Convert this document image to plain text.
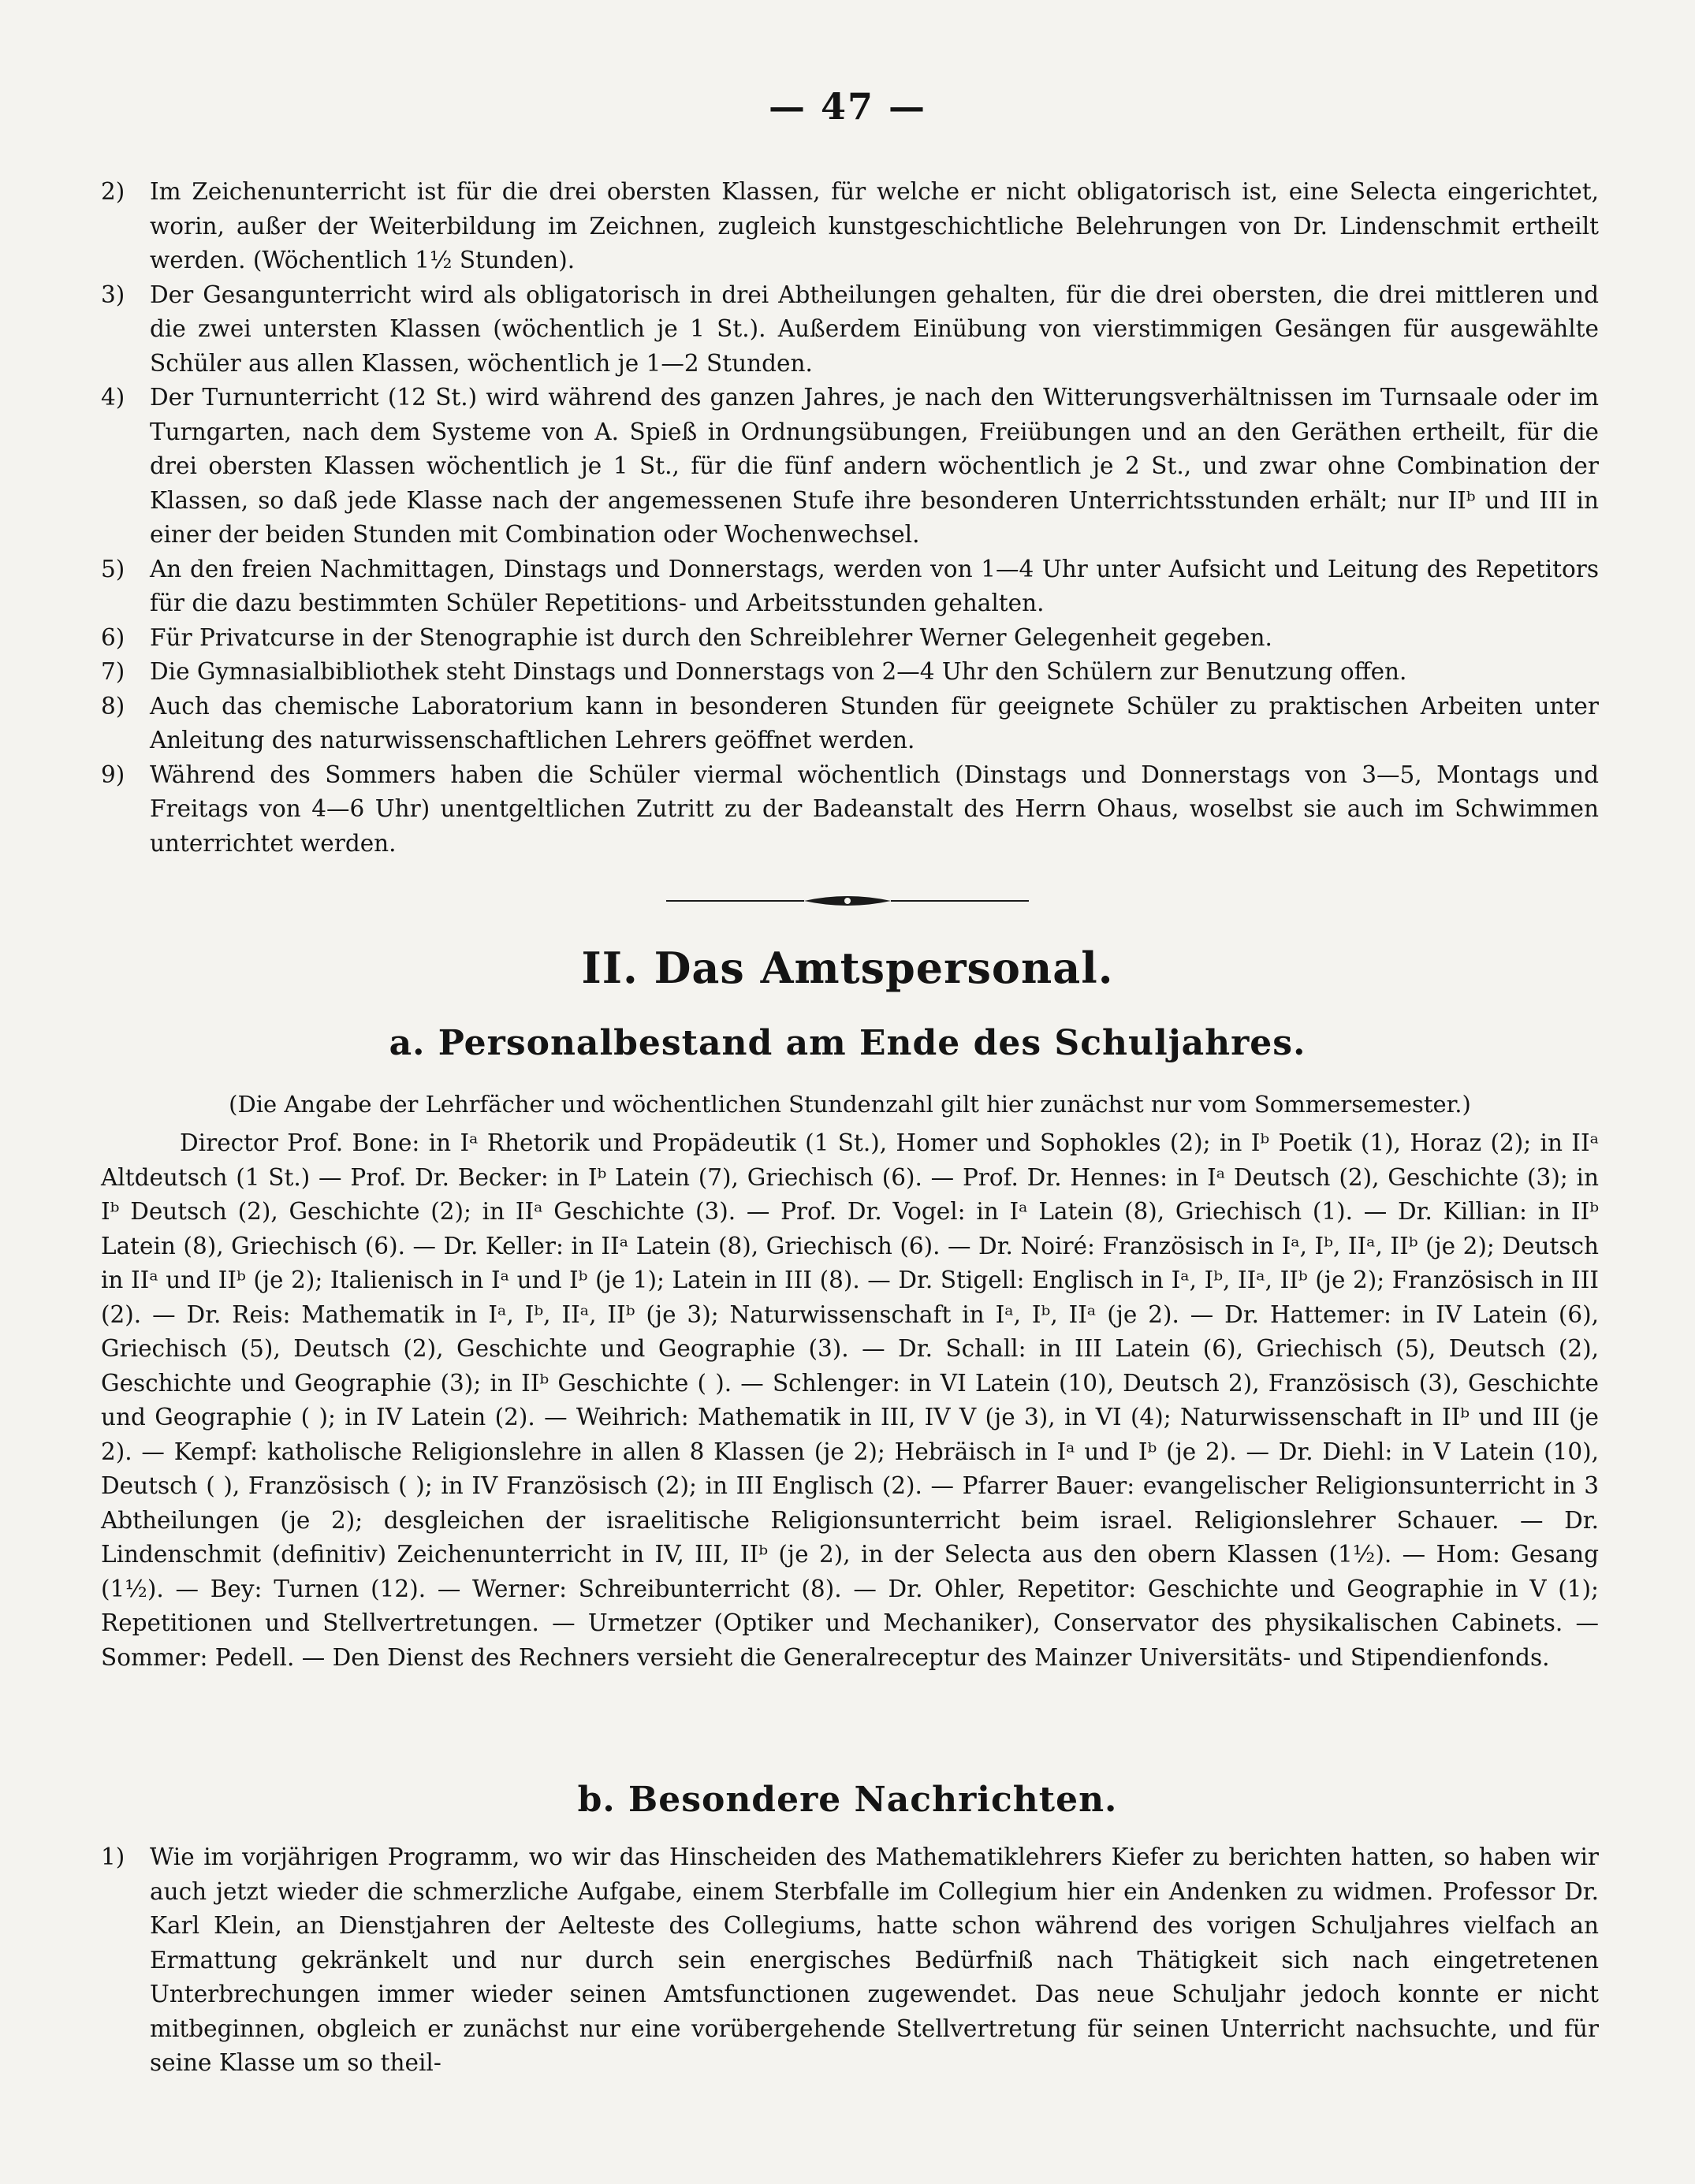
— 47 —
2) Im Zeichenunterricht ist für die drei obersten Klassen, für welche er nicht obligatorisch ist, eine Selecta eingerichtet, worin, außer der Weiterbildung im Zeichnen, zugleich kunstgeschichtliche Belehrungen von Dr. Lindenschmit ertheilt werden. (Wöchentlich 1½ Stunden).
3) Der Gesangunterricht wird als obligatorisch in drei Abtheilungen gehalten, für die drei obersten, die drei mittleren und die zwei untersten Klassen (wöchentlich je 1 St.). Außerdem Einübung von vierstimmigen Gesängen für ausgewählte Schüler aus allen Klassen, wöchentlich je 1—2 Stunden.
4) Der Turnunterricht (12 St.) wird während des ganzen Jahres, je nach den Witterungsverhältnissen im Turnsaale oder im Turngarten, nach dem Systeme von A. Spieß in Ordnungsübungen, Freiübungen und an den Geräthen ertheilt, für die drei obersten Klassen wöchentlich je 1 St., für die fünf andern wöchentlich je 2 St., und zwar ohne Combination der Klassen, so daß jede Klasse nach der angemessenen Stufe ihre besonderen Unterrichtsstunden erhält; nur IIᵇ und III in einer der beiden Stunden mit Combination oder Wochenwechsel.
5) An den freien Nachmittagen, Dinstags und Donnerstags, werden von 1—4 Uhr unter Aufsicht und Leitung des Repetitors für die dazu bestimmten Schüler Repetitions- und Arbeitsstunden gehalten.
6) Für Privatcurse in der Stenographie ist durch den Schreiblehrer Werner Gelegenheit gegeben.
7) Die Gymnasialbibliothek steht Dinstags und Donnerstags von 2—4 Uhr den Schülern zur Benutzung offen.
8) Auch das chemische Laboratorium kann in besonderen Stunden für geeignete Schüler zu praktischen Arbeiten unter Anleitung des naturwissenschaftlichen Lehrers geöffnet werden.
9) Während des Sommers haben die Schüler viermal wöchentlich (Dinstags und Donnerstags von 3—5, Montags und Freitags von 4—6 Uhr) unentgeltlichen Zutritt zu der Badeanstalt des Herrn Ohaus, woselbst sie auch im Schwimmen unterrichtet werden.
II. Das Amtspersonal.
a. Personalbestand am Ende des Schuljahres.
(Die Angabe der Lehrfächer und wöchentlichen Stundenzahl gilt hier zunächst nur vom Sommersemester.)
Director Prof. Bone: in Iᵃ Rhetorik und Propädeutik (1 St.), Homer und Sophokles (2); in Iᵇ Poetik (1), Horaz (2); in IIᵃ Altdeutsch (1 St.) — Prof. Dr. Becker: in Iᵇ Latein (7), Griechisch (6). — Prof. Dr. Hennes: in Iᵃ Deutsch (2), Geschichte (3); in Iᵇ Deutsch (2), Geschichte (2); in IIᵃ Geschichte (3). — Prof. Dr. Vogel: in Iᵃ Latein (8), Griechisch (1). — Dr. Killian: in IIᵇ Latein (8), Griechisch (6). — Dr. Keller: in IIᵃ Latein (8), Griechisch (6). — Dr. Noiré: Französisch in Iᵃ, Iᵇ, IIᵃ, IIᵇ (je 2); Deutsch in IIᵃ und IIᵇ (je 2); Italienisch in Iᵃ und Iᵇ (je 1); Latein in III (8). — Dr. Stigell: Englisch in Iᵃ, Iᵇ, IIᵃ, IIᵇ (je 2); Französisch in III (2). — Dr. Reis: Mathematik in Iᵃ, Iᵇ, IIᵃ, IIᵇ (je 3); Naturwissenschaft in Iᵃ, Iᵇ, IIᵃ (je 2). — Dr. Hattemer: in IV Latein (6), Griechisch (5), Deutsch (2), Geschichte und Geographie (3). — Dr. Schall: in III Latein (6), Griechisch (5), Deutsch (2), Geschichte und Geographie (3); in IIᵇ Geschichte ( ). — Schlenger: in VI Latein (10), Deutsch 2), Französisch (3), Geschichte und Geographie ( ); in IV Latein (2). — Weihrich: Mathematik in III, IV V (je 3), in VI (4); Naturwissenschaft in IIᵇ und III (je 2). — Kempf: katholische Religionslehre in allen 8 Klassen (je 2); Hebräisch in Iᵃ und Iᵇ (je 2). — Dr. Diehl: in V Latein (10), Deutsch ( ), Französisch ( ); in IV Französisch (2); in III Englisch (2). — Pfarrer Bauer: evangelischer Religionsunterricht in 3 Abtheilungen (je 2); desgleichen der israelitische Religionsunterricht beim israel. Religionslehrer Schauer. — Dr. Lindenschmit (definitiv) Zeichenunterricht in IV, III, IIᵇ (je 2), in der Selecta aus den obern Klassen (1½). — Hom: Gesang (1½). — Bey: Turnen (12). — Werner: Schreibunterricht (8). — Dr. Ohler, Repetitor: Geschichte und Geographie in V (1); Repetitionen und Stellvertretungen. — Urmetzer (Optiker und Mechaniker), Conservator des physikalischen Cabinets. — Sommer: Pedell. — Den Dienst des Rechners versieht die Generalreceptur des Mainzer Universitäts- und Stipendienfonds.
b. Besondere Nachrichten.
1) Wie im vorjährigen Programm, wo wir das Hinscheiden des Mathematiklehrers Kiefer zu berichten hatten, so haben wir auch jetzt wieder die schmerzliche Aufgabe, einem Sterbfalle im Collegium hier ein Andenken zu widmen. Professor Dr. Karl Klein, an Dienstjahren der Aelteste des Collegiums, hatte schon während des vorigen Schuljahres vielfach an Ermattung gekränkelt und nur durch sein energisches Bedürfniß nach Thätigkeit sich nach eingetretenen Unterbrechungen immer wieder seinen Amtsfunctionen zugewendet. Das neue Schuljahr jedoch konnte er nicht mitbeginnen, obgleich er zunächst nur eine vorübergehende Stellvertretung für seinen Unterricht nachsuchte, und für seine Klasse um so theil-
